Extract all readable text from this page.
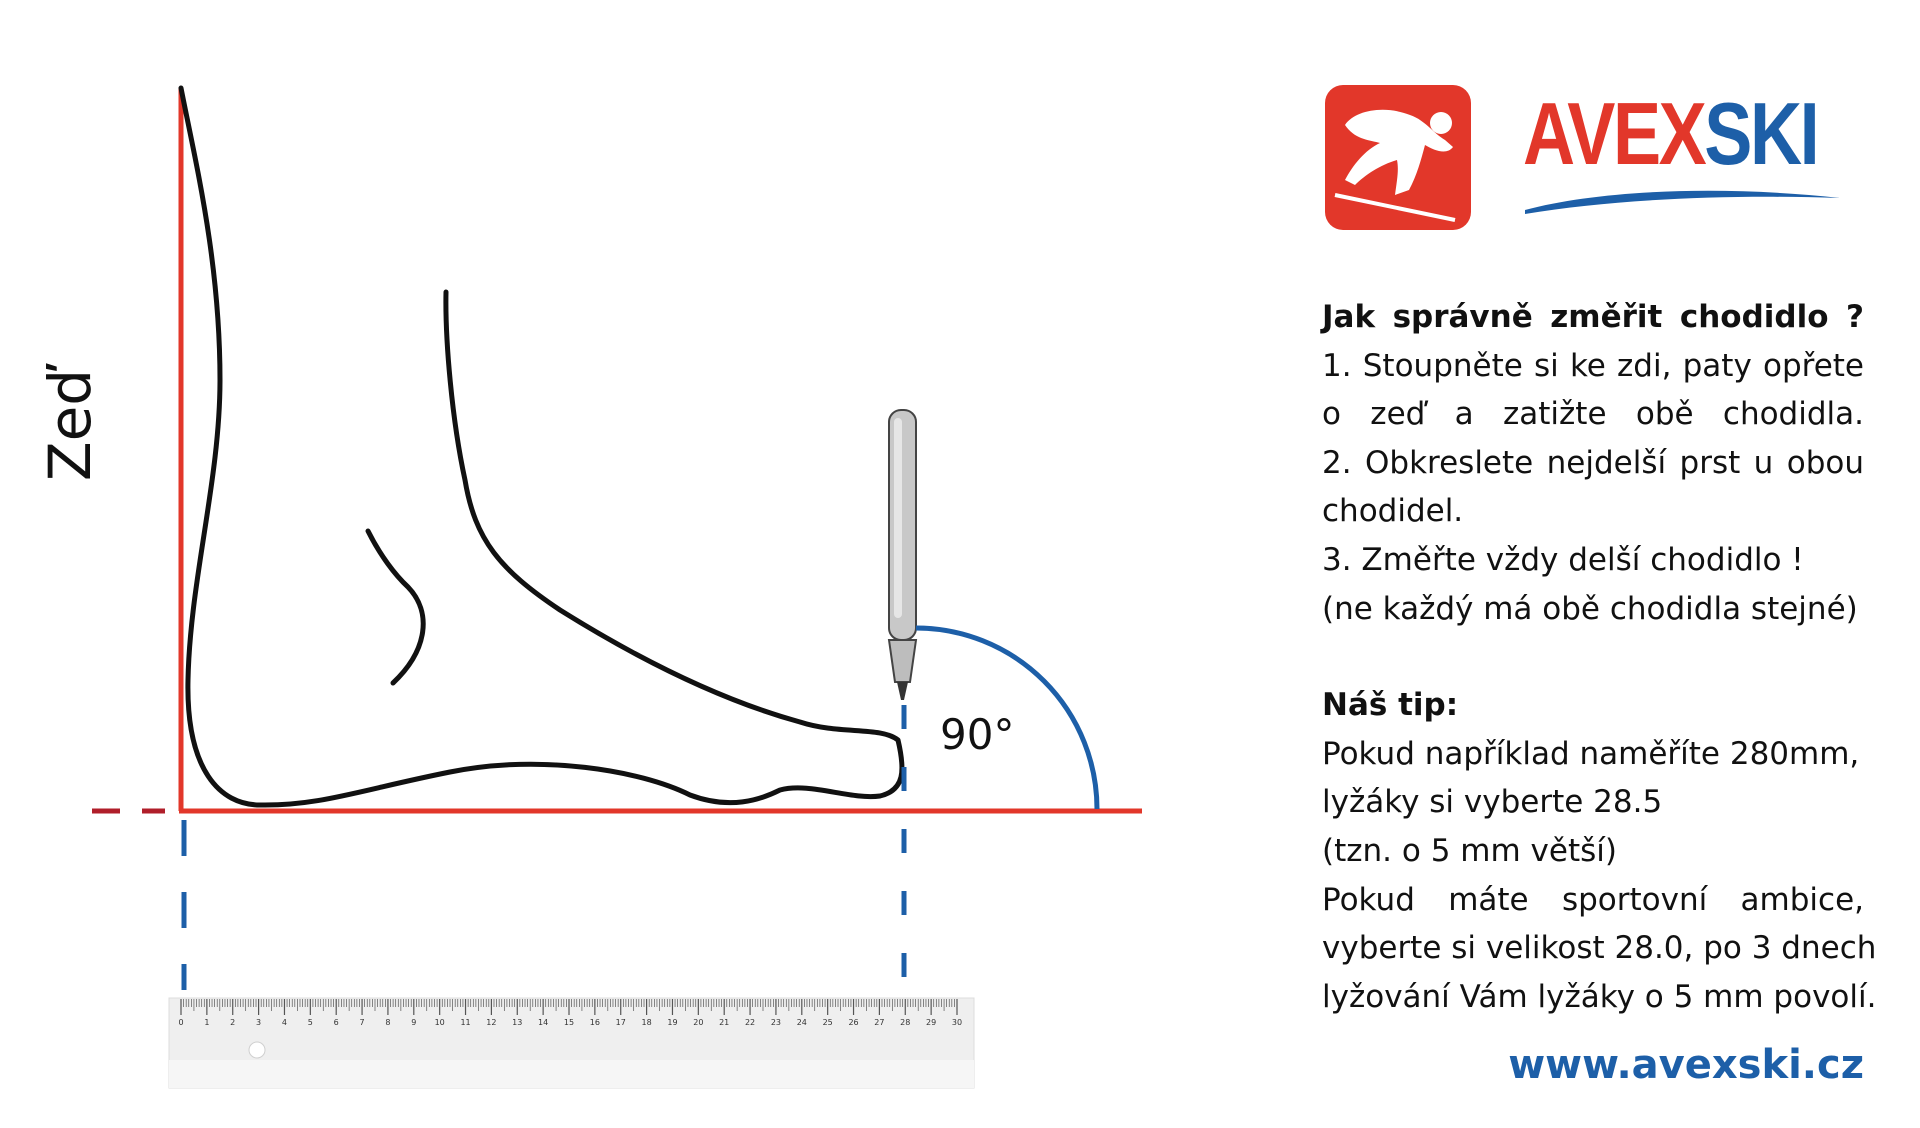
0	1	2	3	4	5	6	7	8	9 10 11 12 13 14 15 16 17 18 19 20 21 22 23 24 25 26 27 28 29 30
Zeď
90°
AVEXSKI
Jak správně změřit chodidlo ?
1. Stoupněte si ke zdi, paty opřete
o zeď a zatižte obě chodidla.
2. Obkreslete nejdelší prst u obou
chodidel.
3. Změřte vždy delší chodidlo !
(ne každý má obě chodidla stejné)
Náš tip:
Pokud například naměříte 280mm,
lyžáky si vyberte 28.5
(tzn. o 5 mm větší)
Pokud máte sportovní ambice,
vyberte si velikost 28.0, po 3 dnech
lyžování Vám lyžáky o 5 mm povolí.
www.avexski.cz
